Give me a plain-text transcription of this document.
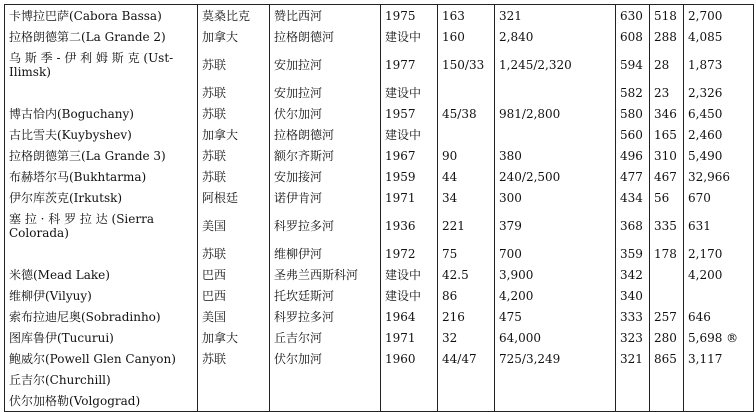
卡博拉巴萨(Cabora Bassa)	莫桑比克	赞比西河	1975	163	321	630	518	2,700

拉格朗德第二(La Grande 2)	加拿大	拉格朗德河	建设中	160	2,840	608	288	4,085

乌 斯 季 - 伊 利 姆 斯 克 (Ust-
Ilimsk)	苏联	安加拉河	1977	150/33	1,245/2,320	594	28	1,873
	苏联	安加拉河	建设中			582	23	2,326

博古恰内(Boguchany)	苏联	伏尔加河	1957	45/38	981/2,800	580	346	6,450

古比雪夫(Kuybyshev)	加拿大	拉格朗德河	建设中			560	165	2,460

拉格朗德第三(La Grande 3)	苏联	额尔齐斯河	1967	90	380	496	310	5,490

布赫塔尔马(Bukhtarma)	苏联	安加接河	1959	44	240/2,500	477	467	32,966

伊尔库茨克(Irkutsk)	阿根廷	诺伊肯河	1971	34	300	434	56	670

塞 拉 · 科 罗 拉 达 (Sierra
Colorada)	美国	科罗拉多河	1936	221	379	368	335	631
	苏联	维柳伊河	1972	75	700	359	178	2,170

米德(Mead Lake)	巴西	圣弗兰西斯科河	建设中	42.5	3,900	342		4,200

维柳伊(Vilyuy)	巴西	托坎廷斯河	建设中	86	4,200	340		

索布拉迪尼奥(Sobradinho)	美国	科罗拉多河	1964	216	475	333	257	646

图库鲁伊(Tucurui)	加拿大	丘吉尔河	1971	32	64,000	323	280	5,698 ®

鲍威尔(Powell Glen Canyon)	苏联	伏尔加河	1960	44/47	725/3,249	321	865	3,117

丘吉尔(Churchill)								

伏尔加格勒(Volgograd)								
